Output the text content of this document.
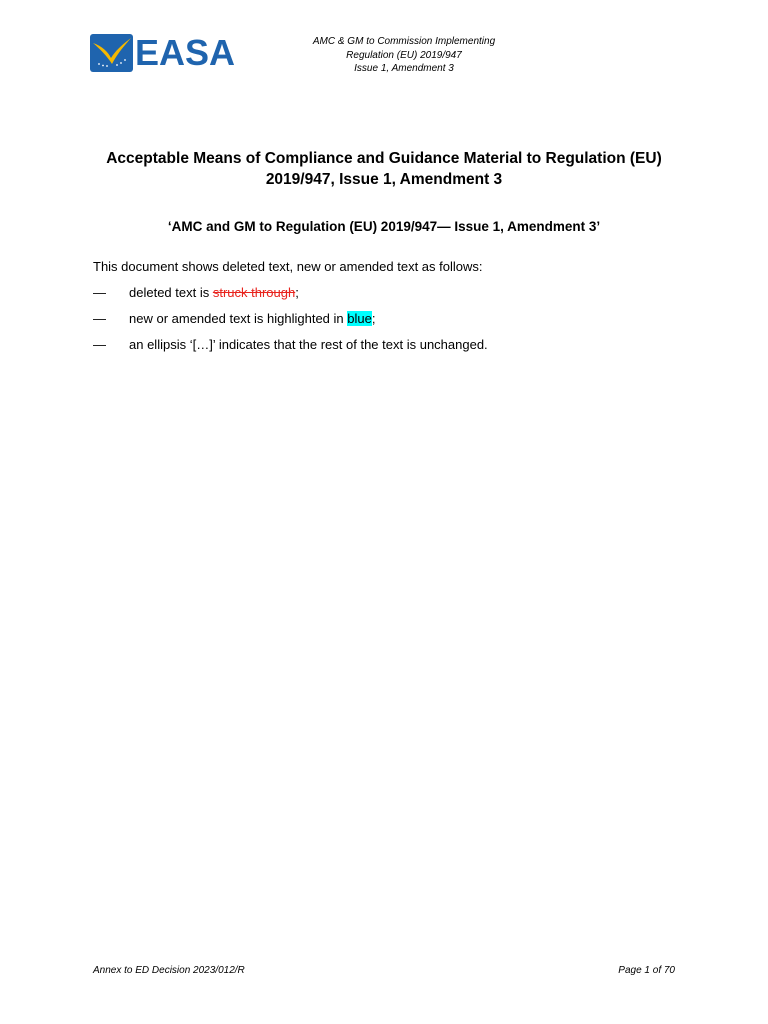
EASA	AMC & GM to Commission Implementing
Regulation (EU) 2019/947
Issue 1, Amendment 3
Acceptable Means of Compliance and Guidance Material to Regulation (EU)
2019/947, Issue 1, Amendment 3
‘AMC and GM to Regulation (EU) 2019/947— Issue 1, Amendment 3’
This document shows deleted text, new or amended text as follows:
— deleted text is struck through;
— new or amended text is highlighted in blue;
— an ellipsis ‘[…]’ indicates that the rest of the text is unchanged.
Annex to ED Decision 2023/012/R	Page 1 of 70
